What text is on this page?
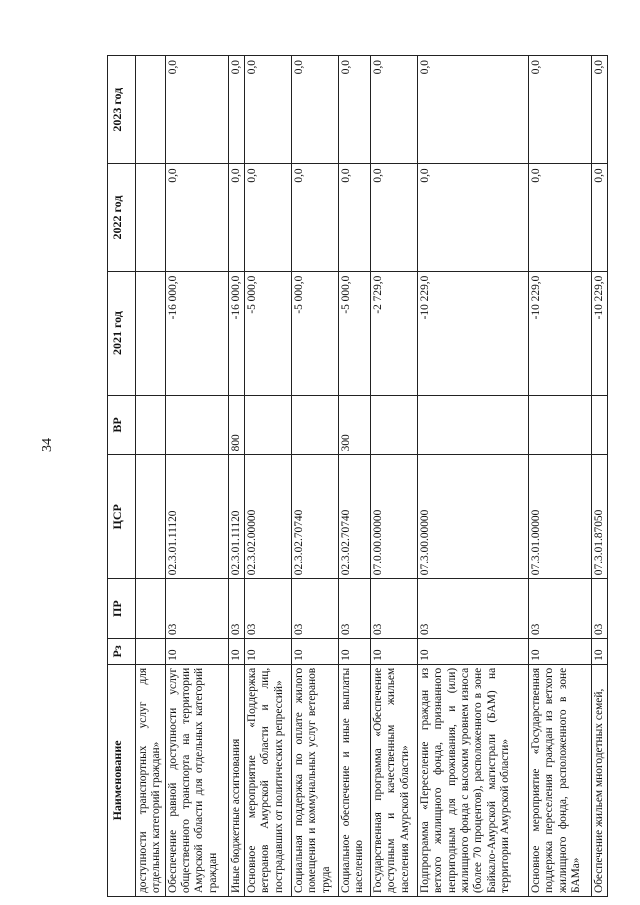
34
Наименование	Рз	ПР	ЦСР	ВР	2021 год	2022 год	2023 год
доступности транспортных услуг для отдельных категорий граждан»							
Обеспечение равной доступности услуг общественного транспорта на территории Амурской области для отдельных категорий граждан	10	03	02.3.01.11120		-16 000,0	0,0	0,0
Иные бюджетные ассигнования	10	03	02.3.01.11120	800	-16 000,0	0,0	0,0
Основное мероприятие «Поддержка ветеранов Амурской области и лиц, пострадавших от политических репрессий»	10	03	02.3.02.00000		-5 000,0	0,0	0,0
Социальная поддержка по оплате жилого помещения и коммунальных услуг ветеранов труда	10	03	02.3.02.70740		-5 000,0	0,0	0,0
Социальное обеспечение и иные выплаты населению	10	03	02.3.02.70740	300	-5 000,0	0,0	0,0
Государственная программа «Обеспечение доступным и качественным жильем населения Амурской области»	10	03	07.0.00.00000		-2 729,0	0,0	0,0
Подпрограмма «Переселение граждан из ветхого жилищного фонда, признанного непригодным для проживания, и (или) жилищного фонда с высоким уровнем износа (более 70 процентов), расположенного в зоне Байкало-Амурской магистрали (БАМ) на территории Амурской области»	10	03	07.3.00.00000		-10 229,0	0,0	0,0
Основное мероприятие «Государственная поддержка переселения граждан из ветхого жилищного фонда, расположенного в зоне БАМа»	10	03	07.3.01.00000		-10 229,0	0,0	0,0
Обеспечение жильем многодетных семей,	10	03	07.3.01.87050		-10 229,0	0,0	0,0
